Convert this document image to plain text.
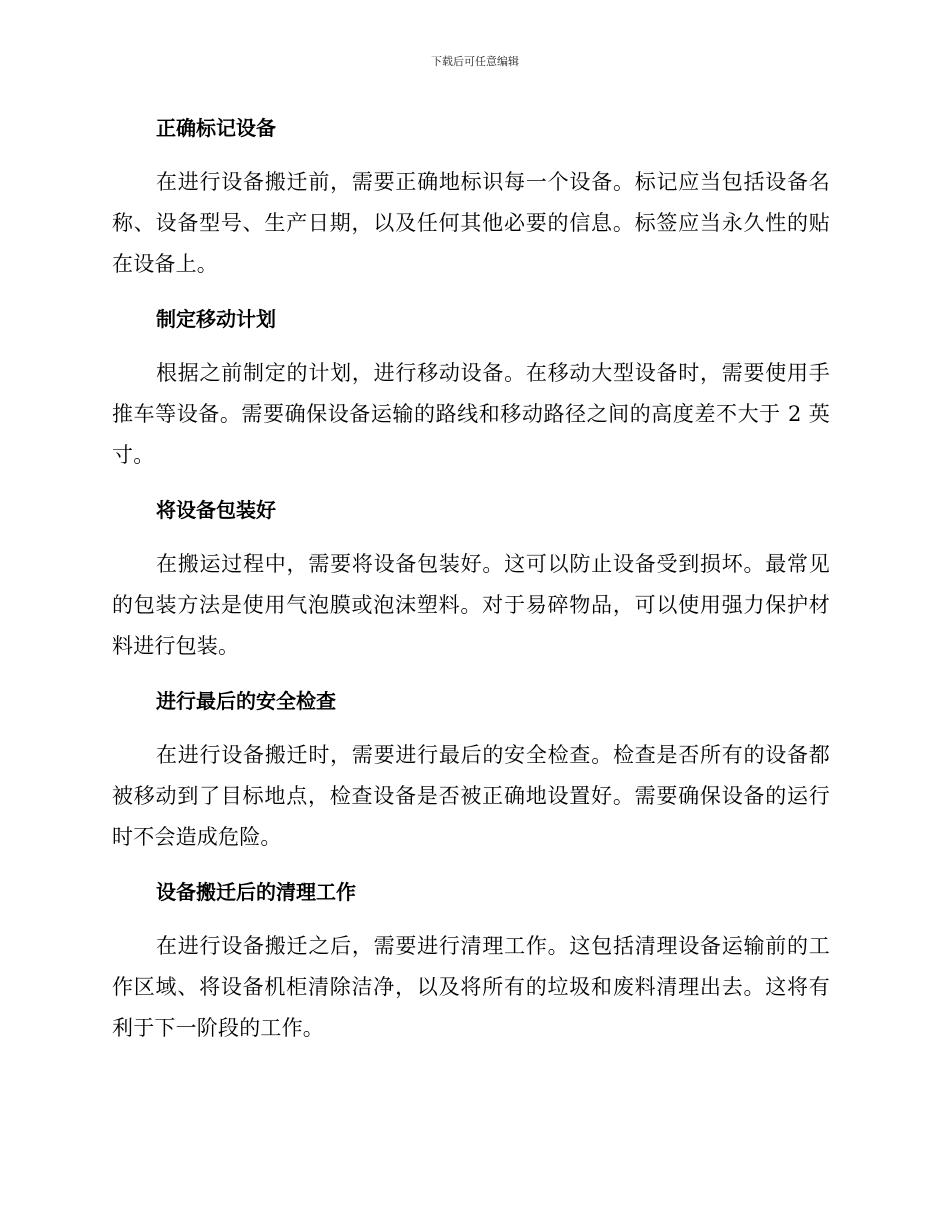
下载后可任意编辑
正确标记设备

在进行设备搬迁前，需要正确地标识每一个设备。标记应当包括设备名称、设备型号、生产日期，以及任何其他必要的信息。标签应当永久性的贴在设备上。

制定移动计划

根据之前制定的计划，进行移动设备。在移动大型设备时，需要使用手推车等设备。需要确保设备运输的路线和移动路径之间的高度差不大于 2 英寸。

将设备包装好

在搬运过程中，需要将设备包装好。这可以防止设备受到损坏。最常见的包装方法是使用气泡膜或泡沫塑料。对于易碎物品，可以使用强力保护材料进行包装。

进行最后的安全检查

在进行设备搬迁时，需要进行最后的安全检查。检查是否所有的设备都被移动到了目标地点，检查设备是否被正确地设置好。需要确保设备的运行时不会造成危险。

设备搬迁后的清理工作

在进行设备搬迁之后，需要进行清理工作。这包括清理设备运输前的工作区域、将设备机柜清除洁净，以及将所有的垃圾和废料清理出去。这将有利于下一阶段的工作。
